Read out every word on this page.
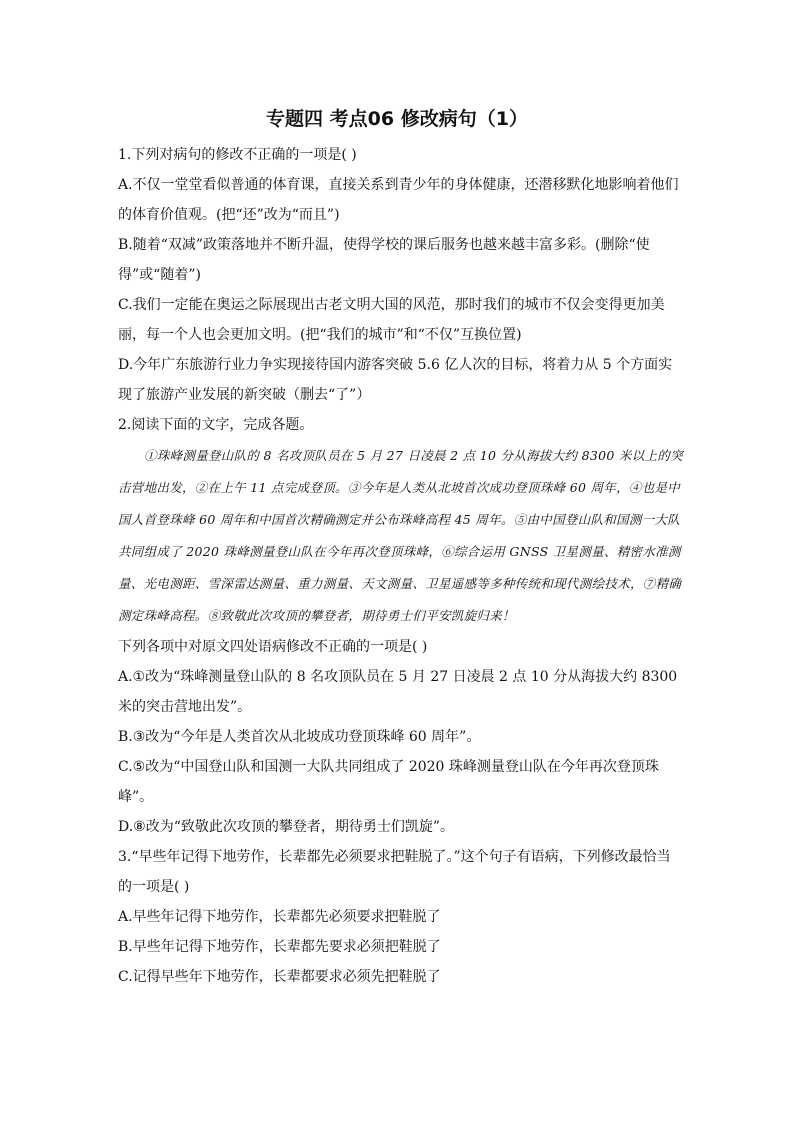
专题四 考点06 修改病句（1）

1.下列对病句的修改不正确的一项是( )

A.不仅一堂堂看似普通的体育课，直接关系到青少年的身体健康，还潜移默化地影响着他们的体育价值观。(把“还”改为“而且”)

B.随着“双减”政策落地并不断升温，使得学校的课后服务也越来越丰富多彩。(删除“使得”或“随着”)

C.我们一定能在奥运之际展现出古老文明大国的风范，那时我们的城市不仅会变得更加美丽，每一个人也会更加文明。(把“我们的城市”和“不仅”互换位置)

D.今年广东旅游行业力争实现接待国内游客突破 5.6 亿人次的目标，将着力从 5 个方面实现了旅游产业发展的新突破（删去“了”）

2.阅读下面的文字，完成各题。

①珠峰测量登山队的 8 名攻顶队员在 5 月 27 日凌晨 2 点 10 分从海拔大约 8300 米以上的突击营地出发，②在上午 11 点完成登顶。③今年是人类从北坡首次成功登顶珠峰 60 周年，④也是中国人首登珠峰 60 周年和中国首次精确测定并公布珠峰高程 45 周年。⑤由中国登山队和国测一大队共同组成了 2020 珠峰测量登山队在今年再次登顶珠峰，⑥综合运用 GNSS 卫星测量、精密水准测量、光电测距、雪深雷达测量、重力测量、天文测量、卫星遥感等多种传统和现代测绘技术，⑦精确测定珠峰高程。⑧致敬此次攻顶的攀登者，期待勇士们平安凯旋归来！

下列各项中对原文四处语病修改不正确的一项是( )

A.①改为“珠峰测量登山队的 8 名攻顶队员在 5 月 27 日凌晨 2 点 10 分从海拔大约 8300 米的突击营地出发”。

B.③改为“今年是人类首次从北坡成功登顶珠峰 60 周年”。

C.⑤改为“中国登山队和国测一大队共同组成了 2020 珠峰测量登山队在今年再次登顶珠峰”。

D.⑧改为“致敬此次攻顶的攀登者，期待勇士们凯旋”。

3.“早些年记得下地劳作，长辈都先必须要求把鞋脱了。”这个句子有语病，下列修改最恰当的一项是( )

A.早些年记得下地劳作，长辈都先必须要求把鞋脱了

B.早些年记得下地劳作，长辈都先要求必须把鞋脱了

C.记得早些年下地劳作，长辈都要求必须先把鞋脱了
